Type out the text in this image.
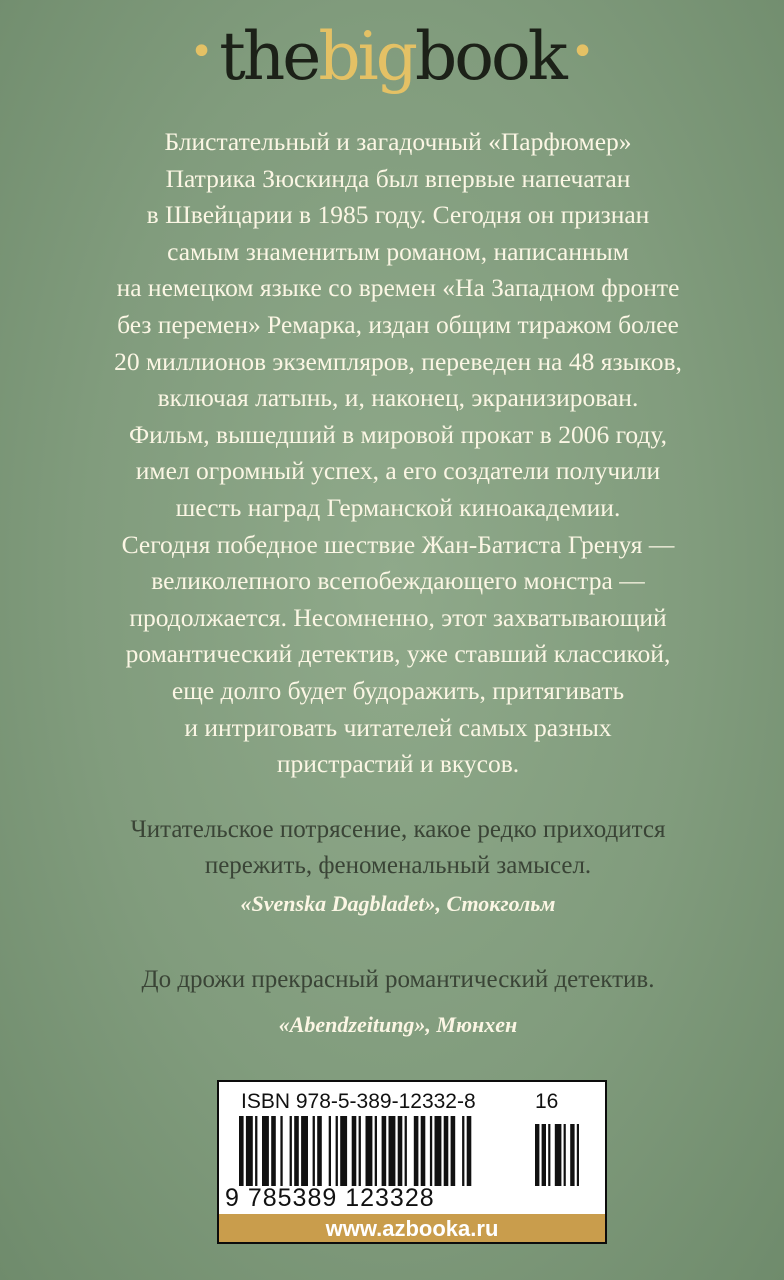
•thebigbook •
Блистательный и загадочный «Парфюмер»
Патрика Зюскинда был впервые напечатан
в Швейцарии в 1985 году. Сегодня он признан
самым знаменитым романом, написанным
на немецком языке со времен «На Западном фронте
без перемен» Ремарка, издан общим тиражом более
20 миллионов экземпляров, переведен на 48 языков,
включая латынь, и, наконец, экранизирован.
Фильм, вышедший в мировой прокат в 2006 году,
имел огромный успех, а его создатели получили
шесть наград Германской киноакадемии.
Сегодня победное шествие Жан-Батиста Гренуя —
великолепного всепобеждающего монстра —
продолжается. Несомненно, этот захватывающий
романтический детектив, уже ставший классикой,
еще долго будет будоражить, притягивать
и интриговать читателей самых разных
пристрастий и вкусов.
Читательское потрясение, какое редко приходится
пережить, феноменальный замысел.
«Svenska Dagbladet», Стокгольм
До дрожи прекрасный романтический детектив.
«Abendzeitung», Мюнхен
ISBN 978-5-389-12332-8	16
9 785389 123328
www.azbooka.ru
